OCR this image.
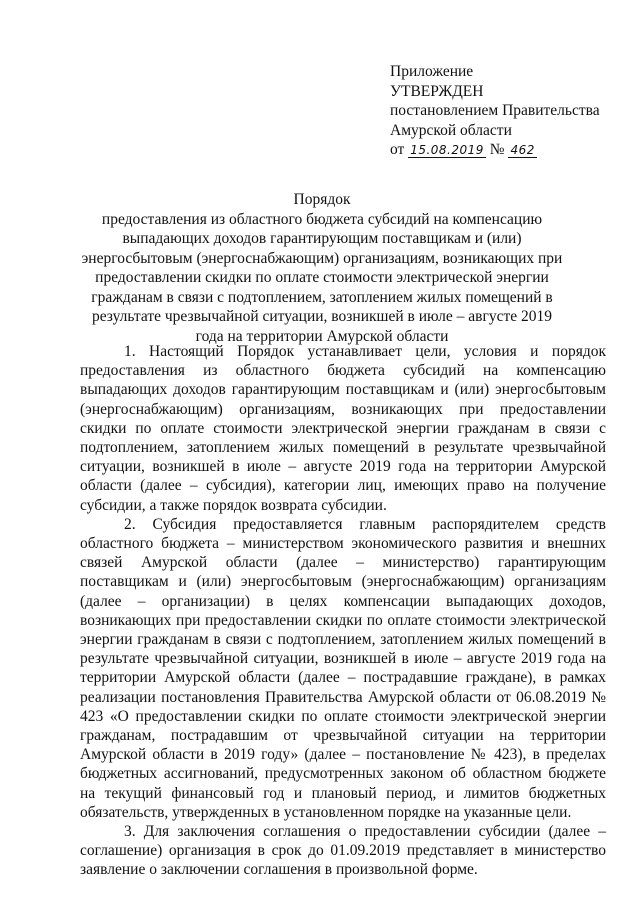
Приложение
УТВЕРЖДЕН
постановлением Правительства
Амурской области
от 15.08.2019 № 462
Порядок
предоставления из областного бюджета субсидий на компенсацию выпадающих доходов гарантирующим поставщикам и (или) энергосбытовым (энергоснабжающим) организациям, возникающих при предоставлении скидки по оплате стоимости электрической энергии гражданам в связи с подтоплением, затоплением жилых помещений в результате чрезвычайной ситуации, возникшей в июле – августе 2019 года на территории Амурской области

1. Настоящий Порядок устанавливает цели, условия и порядок предоставления из областного бюджета субсидий на компенсацию выпадающих доходов гарантирующим поставщикам и (или) энергосбытовым (энергоснабжающим) организациям, возникающих при предоставлении скидки по оплате стоимости электрической энергии гражданам в связи с подтоплением, затоплением жилых помещений в результате чрезвычайной ситуации, возникшей в июле – августе 2019 года на территории Амурской области (далее – субсидия), категории лиц, имеющих право на получение субсидии, а также порядок возврата субсидии.

2. Субсидия предоставляется главным распорядителем средств областного бюджета – министерством экономического развития и внешних связей Амурской области (далее – министерство) гарантирующим поставщикам и (или) энергосбытовым (энергоснабжающим) организациям (далее – организации) в целях компенсации выпадающих доходов, возникающих при предоставлении скидки по оплате стоимости электрической энергии гражданам в связи с подтоплением, затоплением жилых помещений в результате чрезвычайной ситуации, возникшей в июле – августе 2019 года на территории Амурской области (далее – пострадавшие граждане), в рамках реализации постановления Правительства Амурской области от 06.08.2019 № 423 «О предоставлении скидки по оплате стоимости электрической энергии гражданам, пострадавшим от чрезвычайной ситуации на территории Амурской области в 2019 году» (далее – постановление № 423), в пределах бюджетных ассигнований, предусмотренных законом об областном бюджете на текущий финансовый год и плановый период, и лимитов бюджетных обязательств, утвержденных в установленном порядке на указанные цели.

3. Для заключения соглашения о предоставлении субсидии (далее – соглашение) организация в срок до 01.09.2019 представляет в министерство заявление о заключении соглашения в произвольной форме.
